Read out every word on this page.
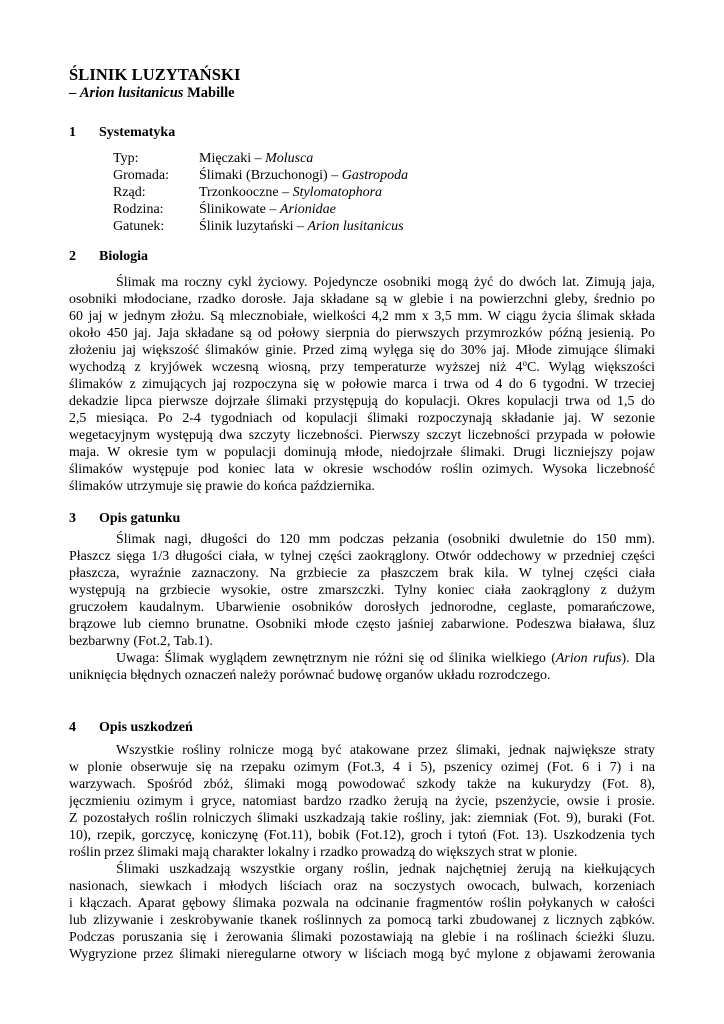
ŚLINIK LUZYTAŃSKI
– Arion lusitanicus Mabille
1 Systematyka
Typ:	Mięczaki – Molusca
Gromada: Ślimaki (Brzuchonogi) – Gastropoda
Rząd:	Trzonkooczne – Stylomatophora
Rodzina:	Ślinikowate – Arionidae
Gatunek: Ślinik luzytański – Arion lusitanicus
2 Biologia
Ślimak ma roczny cykl życiowy. Pojedyncze osobniki mogą żyć do dwóch lat. Zimują jaja,
osobniki młodociane, rzadko dorosłe. Jaja składane są w glebie i na powierzchni gleby, średnio po
60 jaj w jednym złożu. Są mlecznobiałe, wielkości 4,2 mm x 3,5 mm. W ciągu życia ślimak składa
około 450 jaj. Jaja składane są od połowy sierpnia do pierwszych przymrozków późną jesienią. Po
złożeniu jaj większość ślimaków ginie. Przed zimą wylęga się do 30% jaj. Młode zimujące ślimaki
wychodzą z kryjówek wczesną wiosną, przy temperaturze wyższej niż 4$^o$C. Wyląg większości
ślimaków z zimujących jaj rozpoczyna się w połowie marca i trwa od 4 do 6 tygodni. W trzeciej
dekadzie lipca pierwsze dojrzałe ślimaki przystępują do kopulacji. Okres kopulacji trwa od 1,5 do
2,5 miesiąca. Po 2-4 tygodniach od kopulacji ślimaki rozpoczynają składanie jaj. W sezonie
wegetacyjnym występują dwa szczyty liczebności. Pierwszy szczyt liczebności przypada w połowie
maja. W okresie tym w populacji dominują młode, niedojrzałe ślimaki. Drugi liczniejszy pojaw
ślimaków występuje pod koniec lata w okresie wschodów roślin ozimych. Wysoka liczebność
ślimaków utrzymuje się prawie do końca października.
3 Opis gatunku
Ślimak nagi, długości do 120 mm podczas pełzania (osobniki dwuletnie do 150 mm).
Płaszcz sięga 1/3 długości ciała, w tylnej części zaokrąglony. Otwór oddechowy w przedniej części
płaszcza, wyraźnie zaznaczony. Na grzbiecie za płaszczem brak kila. W tylnej części ciała
występują na grzbiecie wysokie, ostre zmarszczki. Tylny koniec ciała zaokrąglony z dużym
gruczołem kaudalnym. Ubarwienie osobników dorosłych jednorodne, ceglaste, pomarańczowe,
brązowe lub ciemno brunatne. Osobniki młode często jaśniej zabarwione. Podeszwa biaława, śluz
bezbarwny (Fot.2, Tab.1).
Uwaga: Ślimak wyglądem zewnętrznym nie różni się od ślinika wielkiego (Arion rufus). Dla
uniknięcia błędnych oznaczeń należy porównać budowę organów układu rozrodczego.
4 Opis uszkodzeń
Wszystkie rośliny rolnicze mogą być atakowane przez ślimaki, jednak największe straty
w plonie obserwuje się na rzepaku ozimym (Fot.3, 4 i 5), pszenicy ozimej (Fot. 6 i 7) i na
warzywach. Spośród zbóż, ślimaki mogą powodować szkody także na kukurydzy (Fot. 8),
jęczmieniu ozimym i gryce, natomiast bardzo rzadko żerują na życie, pszenżycie, owsie i prosie.
Z pozostałych roślin rolniczych ślimaki uszkadzają takie rośliny, jak: ziemniak (Fot. 9), buraki (Fot.
10), rzepik, gorczycę, koniczynę (Fot.11), bobik (Fot.12), groch i tytoń (Fot. 13). Uszkodzenia tych
roślin przez ślimaki mają charakter lokalny i rzadko prowadzą do większych strat w plonie.
Ślimaki uszkadzają wszystkie organy roślin, jednak najchętniej żerują na kiełkujących
nasionach, siewkach i młodych liściach oraz na soczystych owocach, bulwach, korzeniach
i kłączach. Aparat gębowy ślimaka pozwala na odcinanie fragmentów roślin połykanych w całości
lub zlizywanie i zeskrobywanie tkanek roślinnych za pomocą tarki zbudowanej z licznych ząbków.
Podczas poruszania się i żerowania ślimaki pozostawiają na glebie i na roślinach ścieżki śluzu.
Wygryzione przez ślimaki nieregularne otwory w liściach mogą być mylone z objawami żerowania
